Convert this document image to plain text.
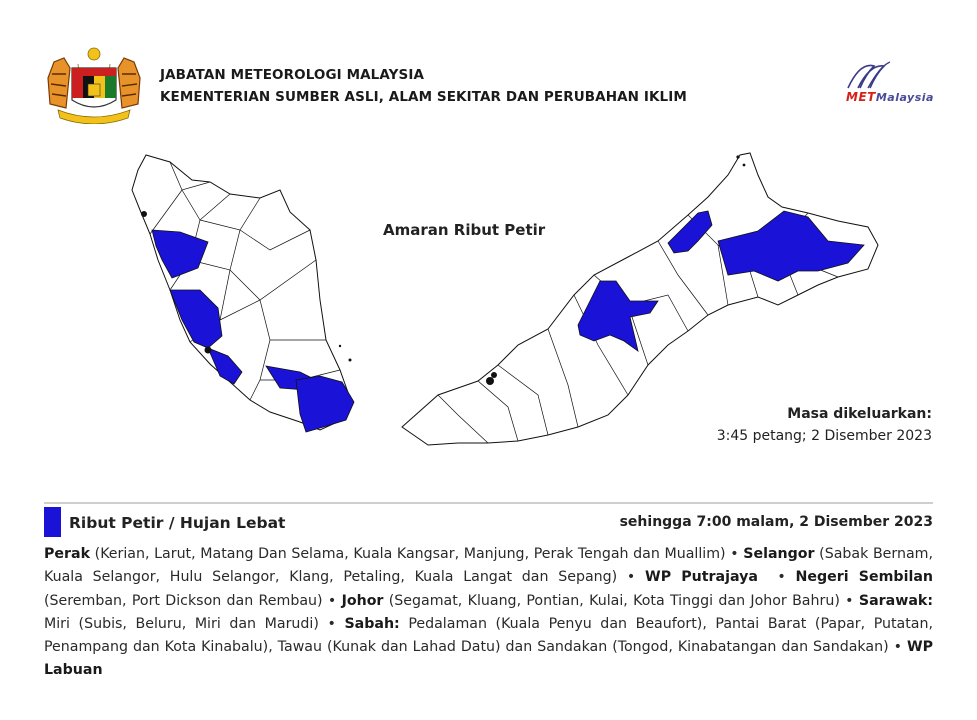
JABATAN METEOROLOGI MALAYSIA
KEMENTERIAN SUMBER ASLI, ALAM SEKITAR DAN PERUBAHAN IKLIM	METMalaysia
Amaran Ribut Petir
Masa dikeluarkan:
3:45 petang; 2 Disember 2023
Ribut Petir / Hujan Lebat	sehingga 7:00 malam, 2 Disember 2023
Perak (Kerian, Larut, Matang Dan Selama, Kuala Kangsar, Manjung, Perak Tengah dan Muallim) • Selangor (Sabak Bernam, Kuala Selangor, Hulu Selangor, Klang, Petaling, Kuala Langat dan Sepang) • WP Putrajaya  • Negeri Sembilan (Seremban, Port Dickson dan Rembau) • Johor (Segamat, Kluang, Pontian, Kulai, Kota Tinggi dan Johor Bahru) • Sarawak: Miri (Subis, Beluru, Miri dan Marudi) • Sabah: Pedalaman (Kuala Penyu dan Beaufort), Pantai Barat (Papar, Putatan, Penampang dan Kota Kinabalu), Tawau (Kunak dan Lahad Datu) dan Sandakan (Tongod, Kinabatangan dan Sandakan) • WP Labuan
